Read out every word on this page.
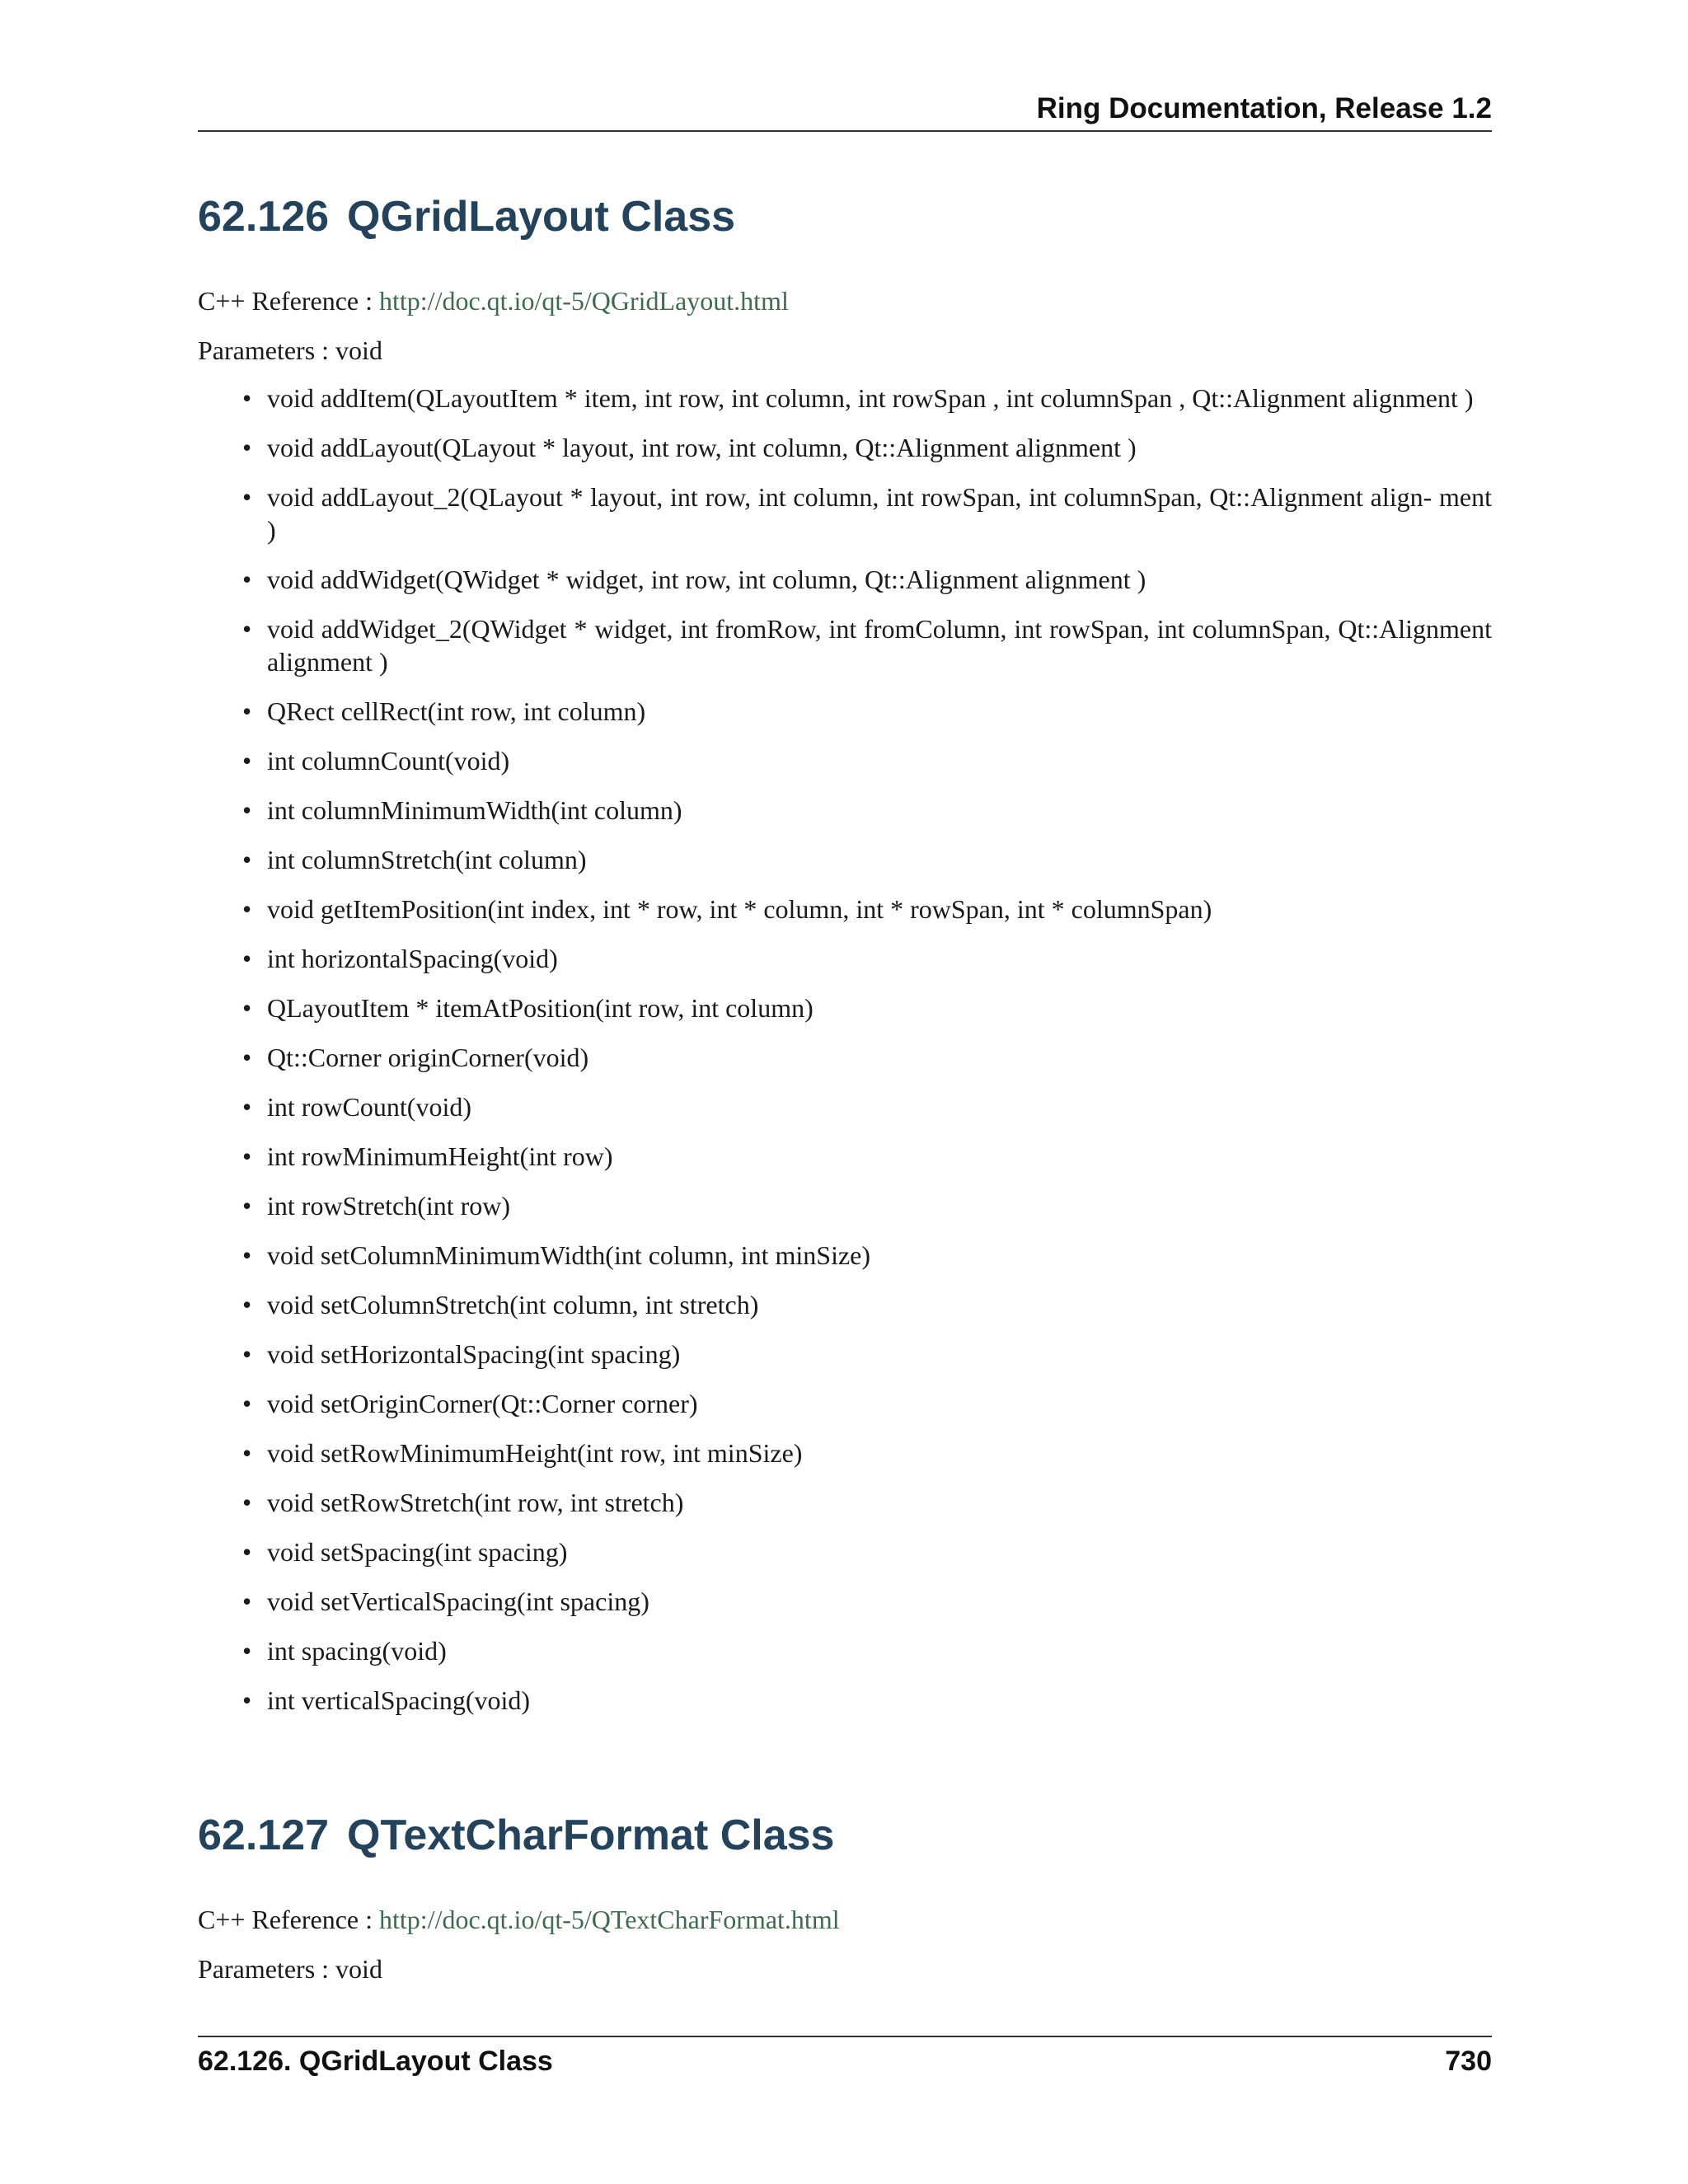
Ring Documentation, Release 1.2
62.126 QGridLayout Class
C++ Reference : http://doc.qt.io/qt-5/QGridLayout.html
Parameters : void
• void addItem(QLayoutItem * item, int row, int column, int rowSpan , int columnSpan , Qt::Alignment alignment )
• void addLayout(QLayout * layout, int row, int column, Qt::Alignment alignment )
• void addLayout_2(QLayout * layout, int row, int column, int rowSpan, int columnSpan, Qt::Alignment align- ment )
• void addWidget(QWidget * widget, int row, int column, Qt::Alignment alignment )
• void addWidget_2(QWidget * widget, int fromRow, int fromColumn, int rowSpan, int columnSpan, Qt::Alignment alignment )
• QRect cellRect(int row, int column)
• int columnCount(void)
• int columnMinimumWidth(int column)
• int columnStretch(int column)
• void getItemPosition(int index, int * row, int * column, int * rowSpan, int * columnSpan)
• int horizontalSpacing(void)
• QLayoutItem * itemAtPosition(int row, int column)
• Qt::Corner originCorner(void)
• int rowCount(void)
• int rowMinimumHeight(int row)
• int rowStretch(int row)
• void setColumnMinimumWidth(int column, int minSize)
• void setColumnStretch(int column, int stretch)
• void setHorizontalSpacing(int spacing)
• void setOriginCorner(Qt::Corner corner)
• void setRowMinimumHeight(int row, int minSize)
• void setRowStretch(int row, int stretch)
• void setSpacing(int spacing)
• void setVerticalSpacing(int spacing)
• int spacing(void)
• int verticalSpacing(void)
62.127 QTextCharFormat Class
C++ Reference : http://doc.qt.io/qt-5/QTextCharFormat.html
Parameters : void
62.126. QGridLayout Class	730
